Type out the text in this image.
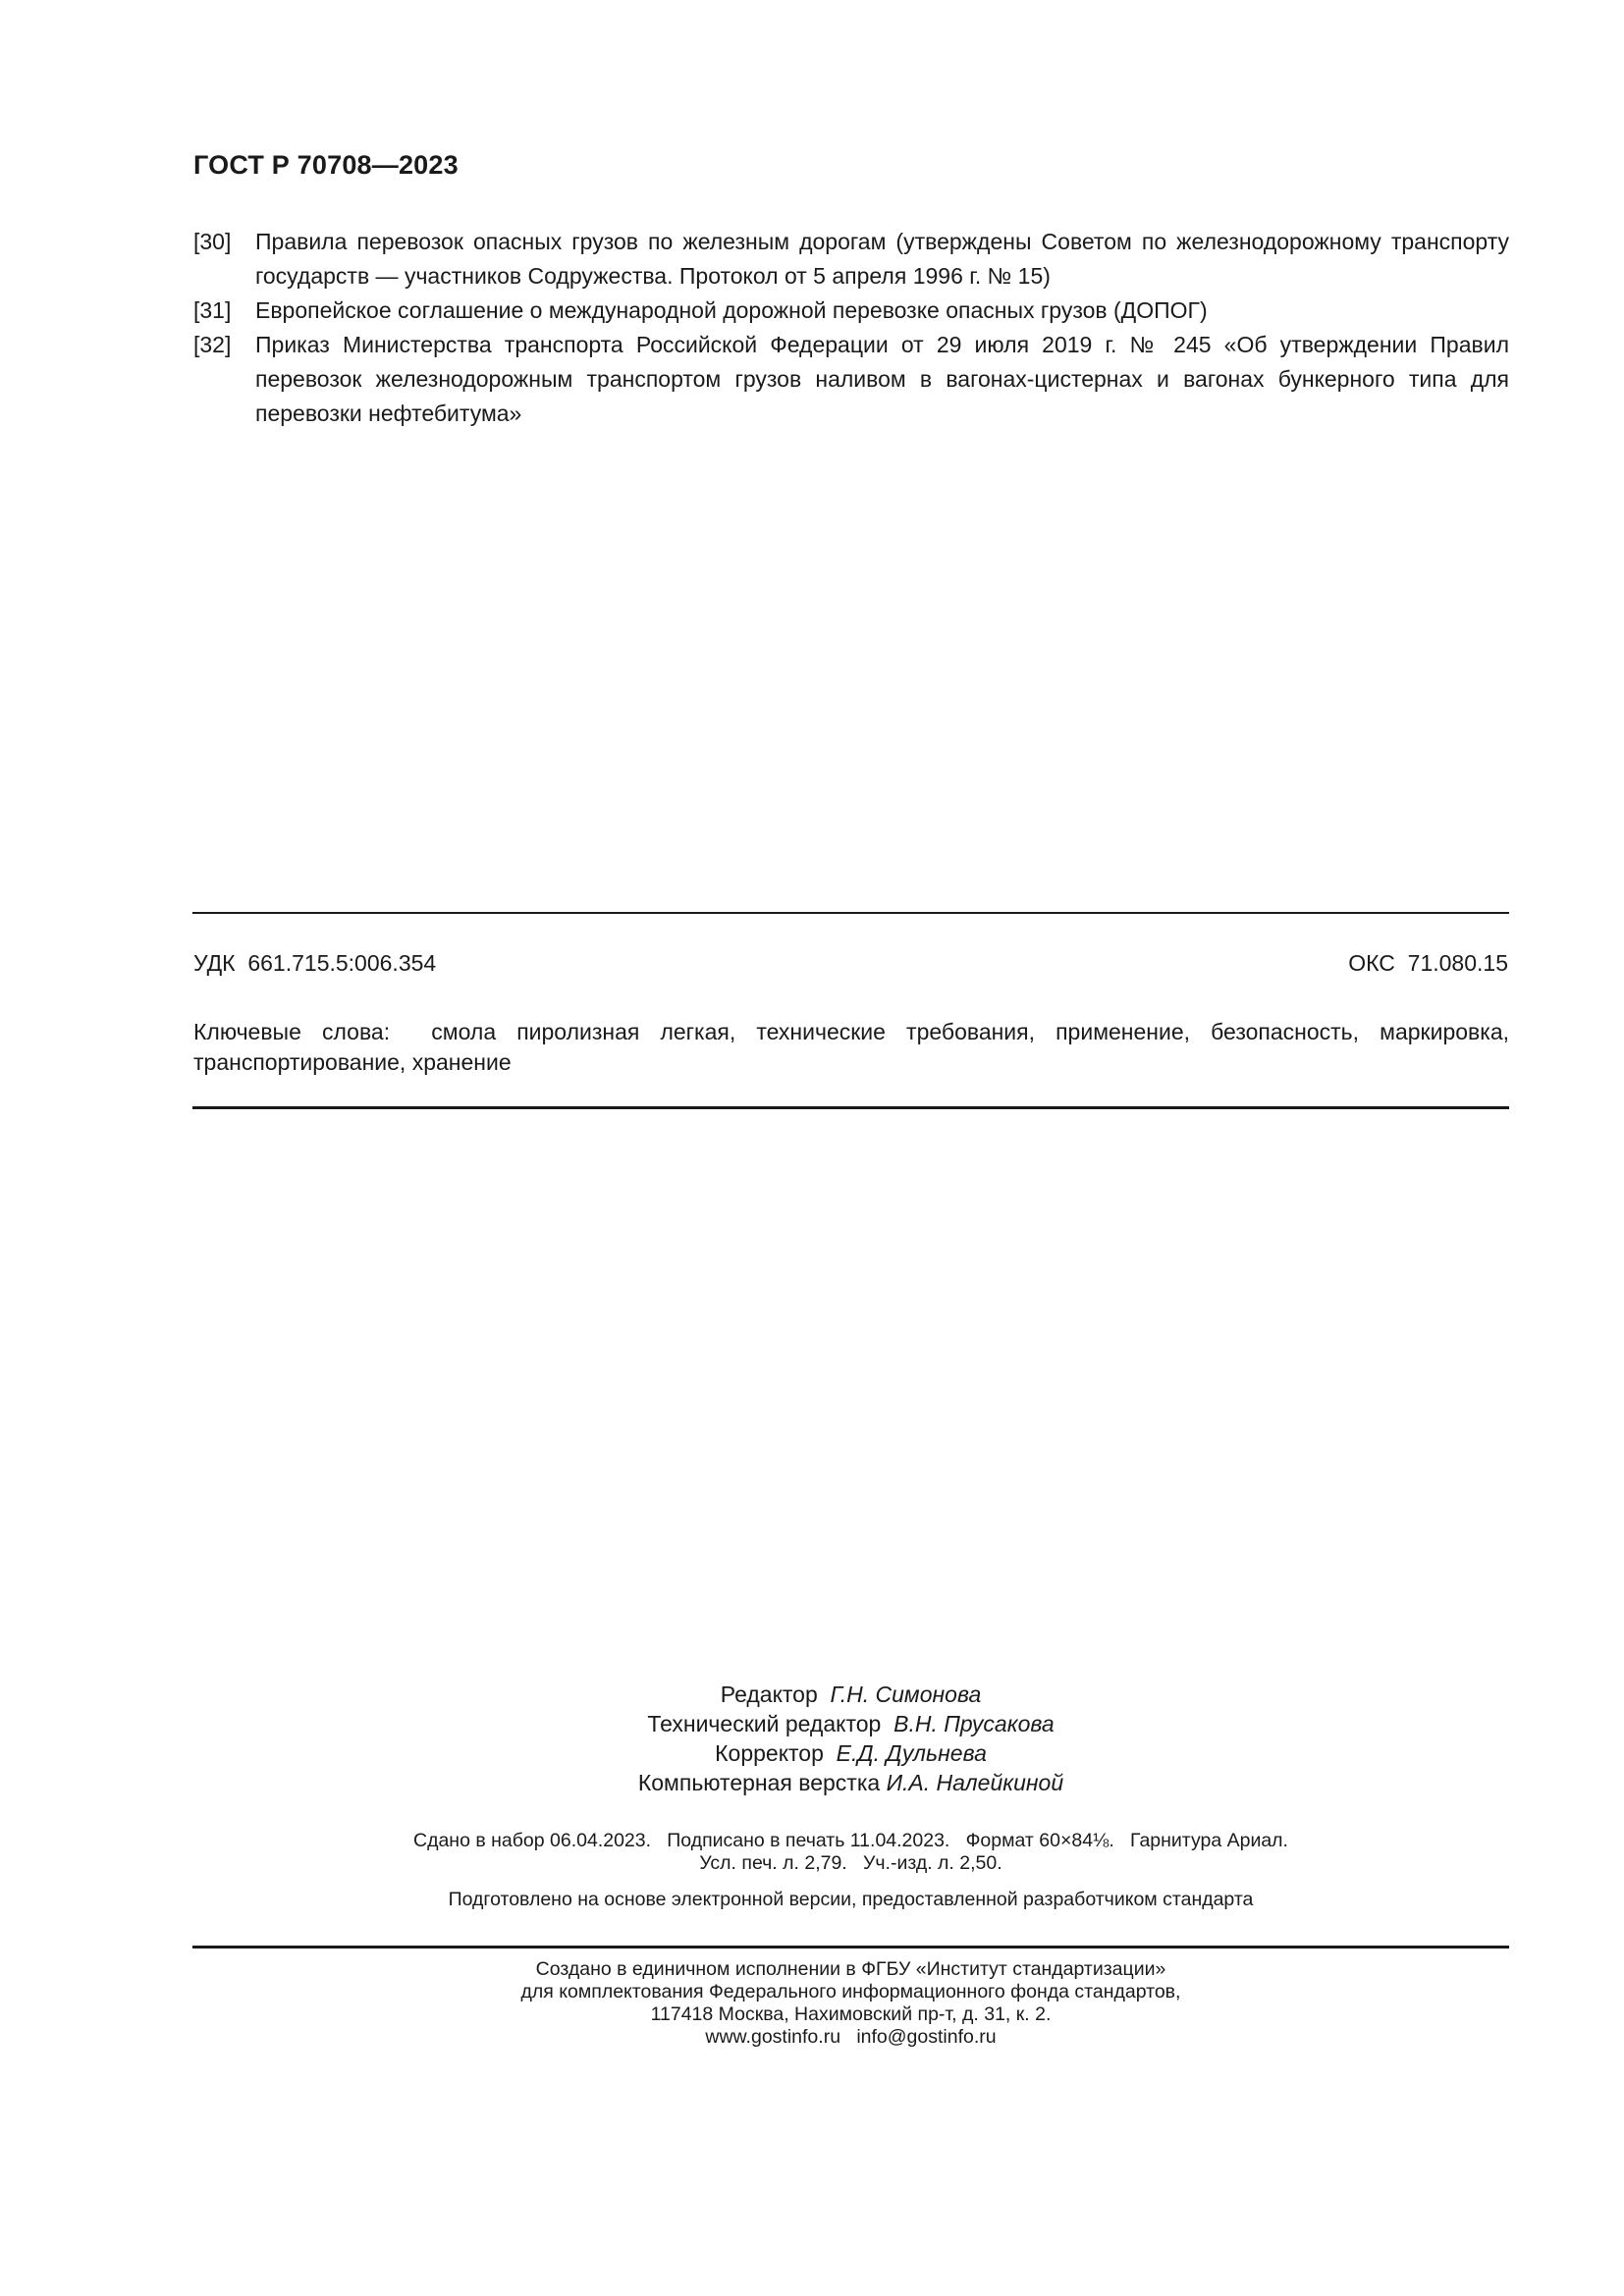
ГОСТ Р 70708—2023
[30]	Правила перевозок опасных грузов по железным дорогам (утверждены Советом по железнодорожному транспорту государств — участников Содружества. Протокол от 5 апреля 1996 г. № 15)
[31]	Европейское соглашение о международной дорожной перевозке опасных грузов (ДОПОГ)
[32]	Приказ Министерства транспорта Российской Федерации от 29 июля 2019 г. № 245 «Об утверждении Правил перевозок железнодорожным транспортом грузов наливом в вагонах-цистернах и вагонах бункерного типа для перевозки нефтебитума»
УДК 661.715.5:006.354	ОКС 71.080.15
Ключевые слова: смола пиролизная легкая, технические требования, применение, безопасность, маркировка, транспортирование, хранение
Редактор Г.Н. Симонова
Технический редактор В.Н. Прусакова
Корректор Е.Д. Дульнева
Компьютерная верстка И.А. Налейкиной
Сдано в набор 06.04.2023.   Подписано в печать 11.04.2023.   Формат 60×84⅛.   Гарнитура Ариал.
Усл. печ. л. 2,79.   Уч.-изд. л. 2,50.
Подготовлено на основе электронной версии, предоставленной разработчиком стандарта
Создано в единичном исполнении в ФГБУ «Институт стандартизации»
для комплектования Федерального информационного фонда стандартов,
117418 Москва, Нахимовский пр-т, д. 31, к. 2.
www.gostinfo.ru info@gostinfo.ru
